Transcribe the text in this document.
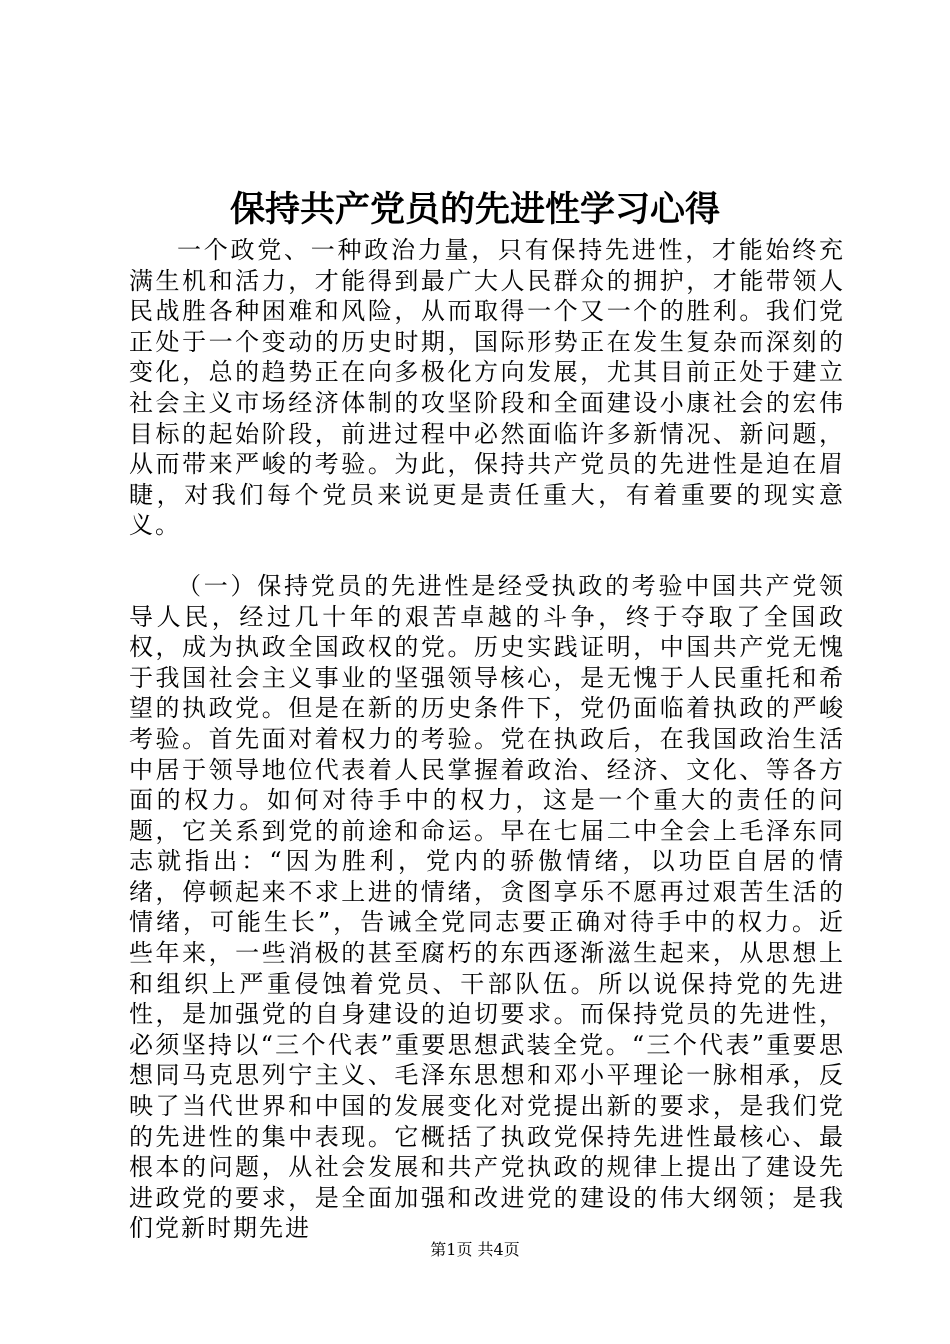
保持共产党员的先进性学习心得

一个政党、一种政治力量，只有保持先进性，才能始终充满生机和活力，才能得到最广大人民群众的拥护，才能带领人民战胜各种困难和风险，从而取得一个又一个的胜利。我们党正处于一个变动的历史时期，国际形势正在发生复杂而深刻的变化，总的趋势正在向多极化方向发展，尤其目前正处于建立社会主义市场经济体制的攻坚阶段和全面建设小康社会的宏伟目标的起始阶段，前进过程中必然面临许多新情况、新问题，从而带来严峻的考验。为此，保持共产党员的先进性是迫在眉睫，对我们每个党员来说更是责任重大，有着重要的现实意义。

（一）保持党员的先进性是经受执政的考验中国共产党领导人民，经过几十年的艰苦卓越的斗争，终于夺取了全国政权，成为执政全国政权的党。历史实践证明，中国共产党无愧于我国社会主义事业的坚强领导核心，是无愧于人民重托和希望的执政党。但是在新的历史条件下，党仍面临着执政的严峻考验。首先面对着权力的考验。党在执政后，在我国政治生活中居于领导地位代表着人民掌握着政治、经济、文化、等各方面的权力。如何对待手中的权力，这是一个重大的责任的问题，它关系到党的前途和命运。早在七届二中全会上毛泽东同志就指出：“因为胜利，党内的骄傲情绪，以功臣自居的情绪，停顿起来不求上进的情绪，贪图享乐不愿再过艰苦生活的情绪，可能生长”，告诫全党同志要正确对待手中的权力。近些年来，一些消极的甚至腐朽的东西逐渐滋生起来，从思想上和组织上严重侵蚀着党员、干部队伍。所以说保持党的先进性，是加强党的自身建设的迫切要求。而保持党员的先进性，必须坚持以“三个代表”重要思想武装全党。“三个代表”重要思想同马克思列宁主义、毛泽东思想和邓小平理论一脉相承，反映了当代世界和中国的发展变化对党提出新的要求，是我们党的先进性的集中表现。它概括了执政党保持先进性最核心、最根本的问题，从社会发展和共产党执政的规律上提出了建设先进政党的要求，是全面加强和改进党的建设的伟大纲领；是我们党新时期先进

第1页 共4页
